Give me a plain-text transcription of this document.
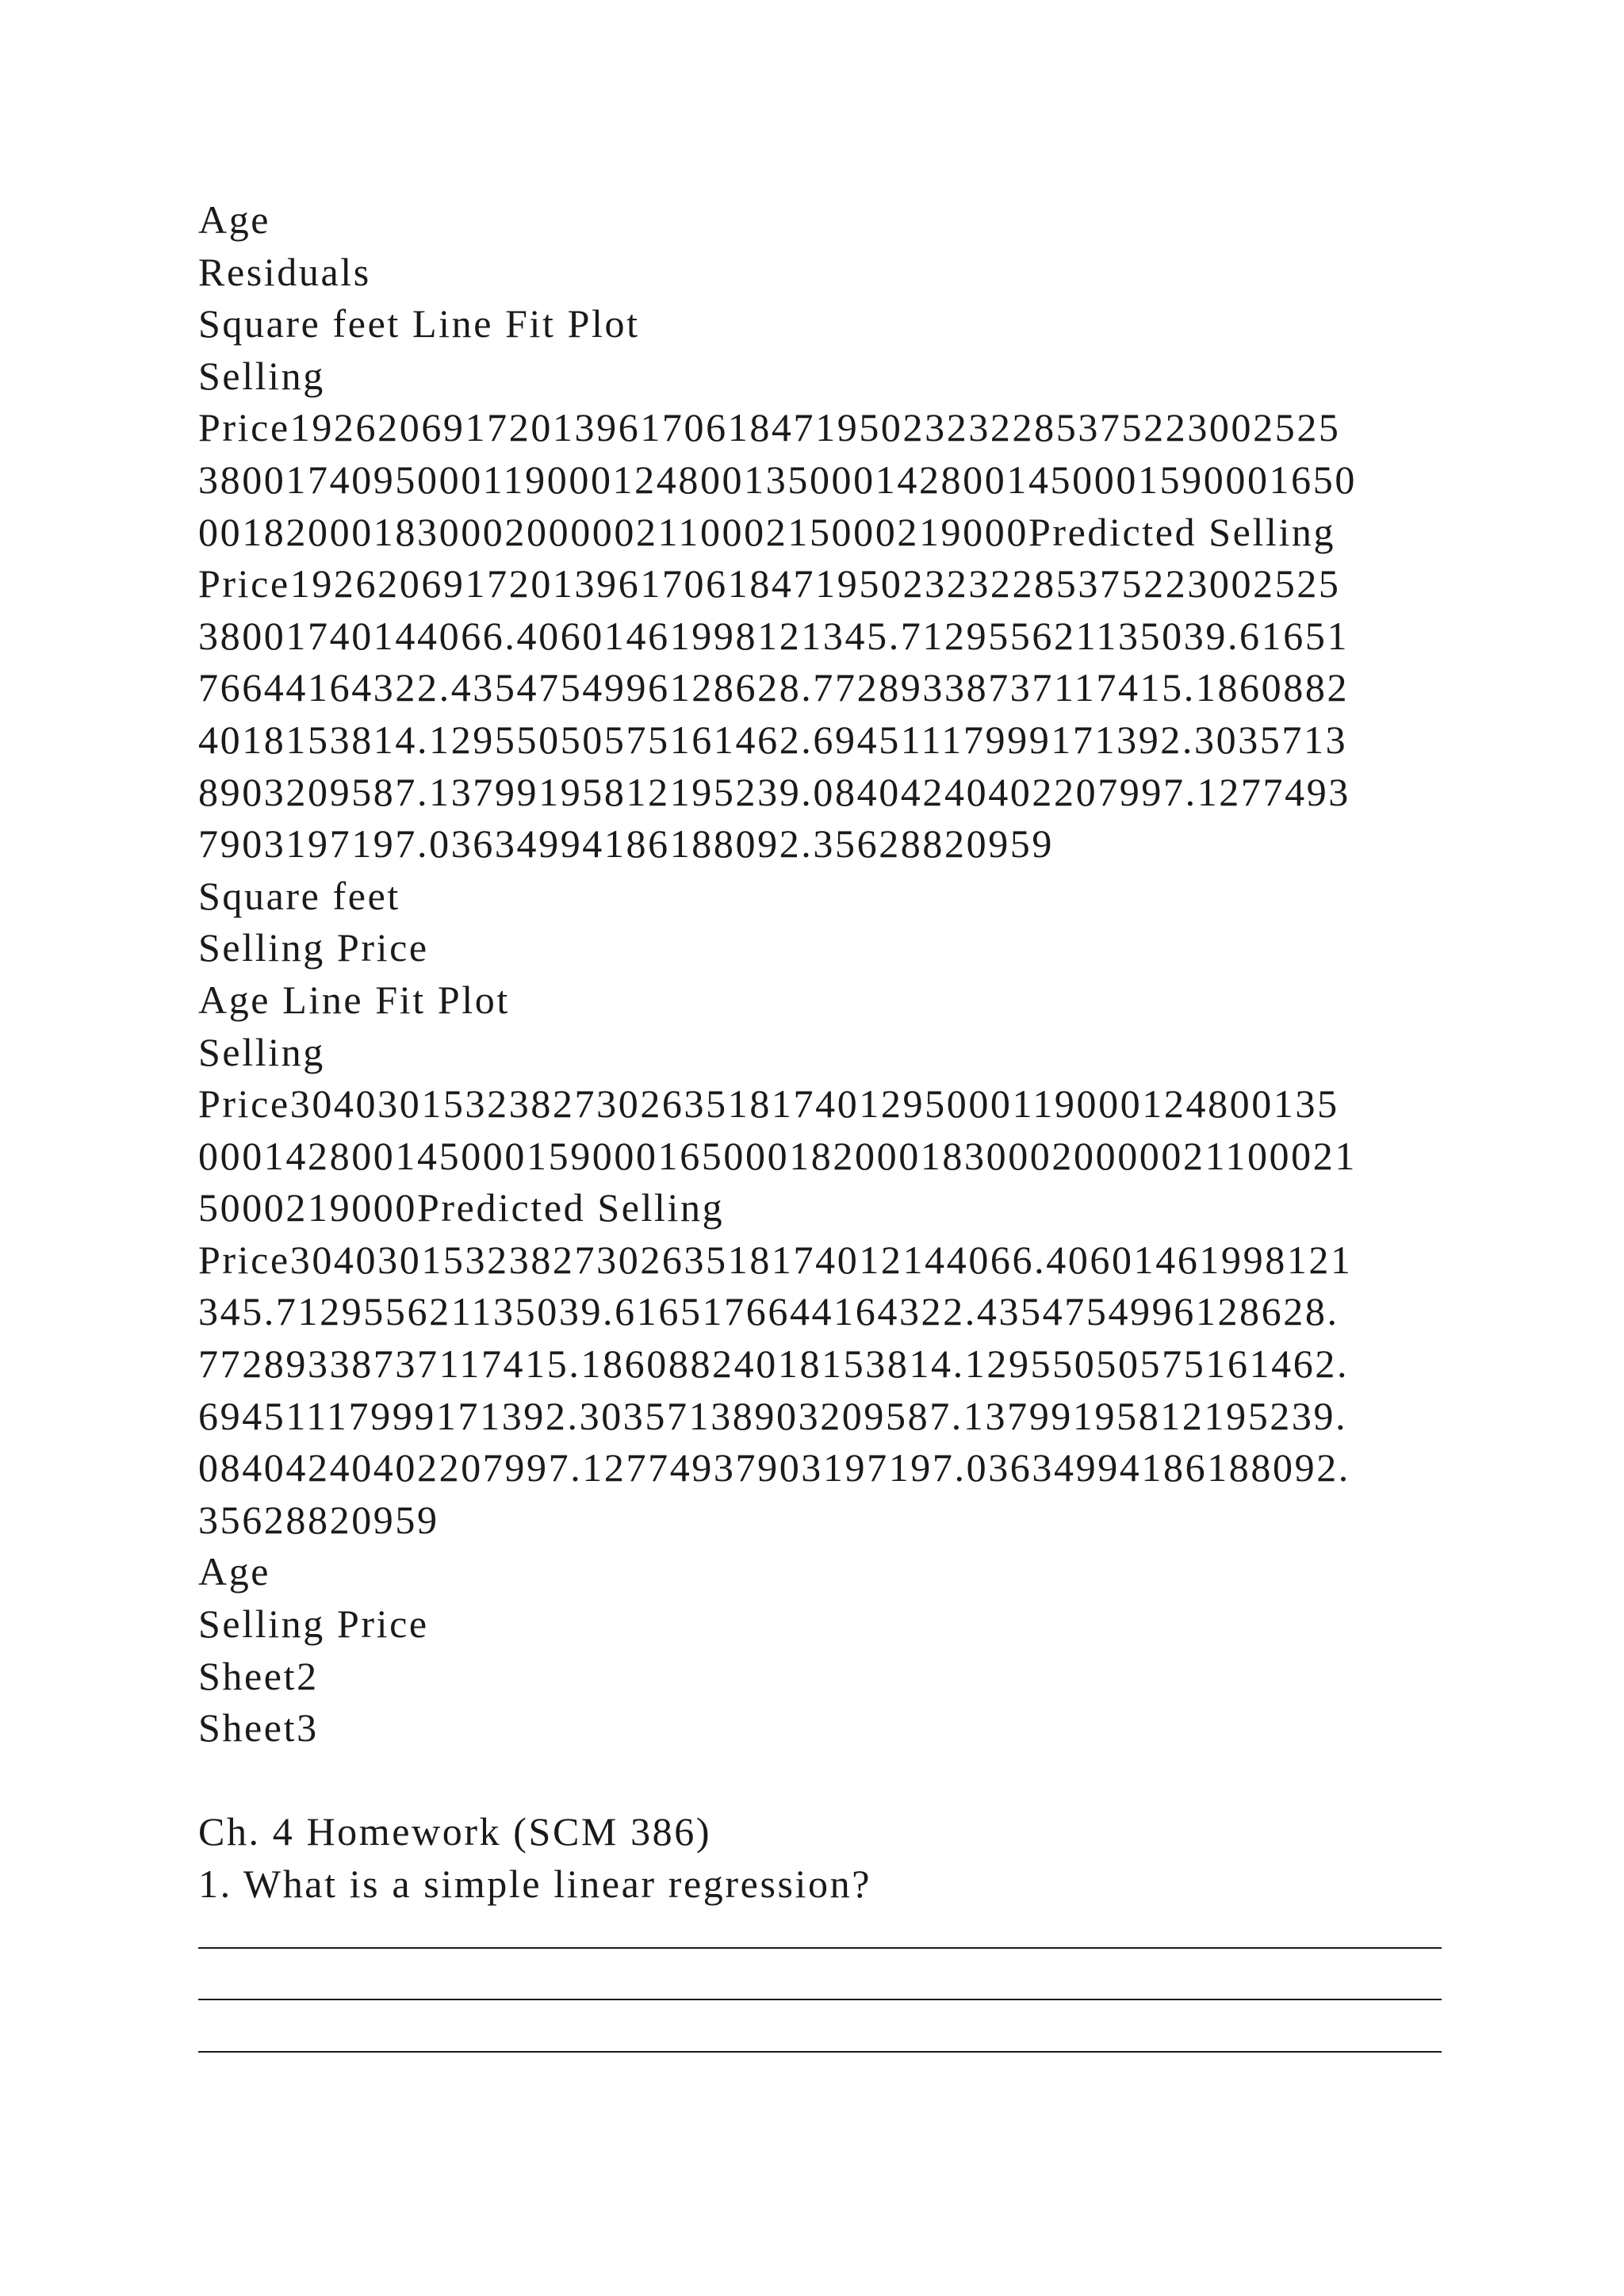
Age
Residuals
Square feet Line Fit Plot
Selling
Price192620691720139617061847195023232285375223002525
38001740950001190001248001350001428001450001590001650
00182000183000200000211000215000219000Predicted Selling
Price192620691720139617061847195023232285375223002525
38001740144066.40601461998121345.712955621135039.61651
76644164322.4354754996128628.77289338737117415.1860882
4018153814.12955050575161462.69451117999171392.3035713
8903209587.13799195812195239.08404240402207997.1277493
7903197197.03634994186188092.35628820959
Square feet
Selling Price
Age Line Fit Plot
Selling
Price304030153238273026351817401295000119000124800135
00014280014500015900016500018200018300020000021100021
5000219000Predicted Selling
Price3040301532382730263518174012144066.40601461998121
345.712955621135039.6165176644164322.4354754996128628.
77289338737117415.18608824018153814.12955050575161462.
69451117999171392.30357138903209587.13799195812195239.
08404240402207997.12774937903197197.03634994186188092.
35628820959
Age
Selling Price
Sheet2
Sheet3
Ch. 4 Homework (SCM 386)
1. What is a simple linear regression?
